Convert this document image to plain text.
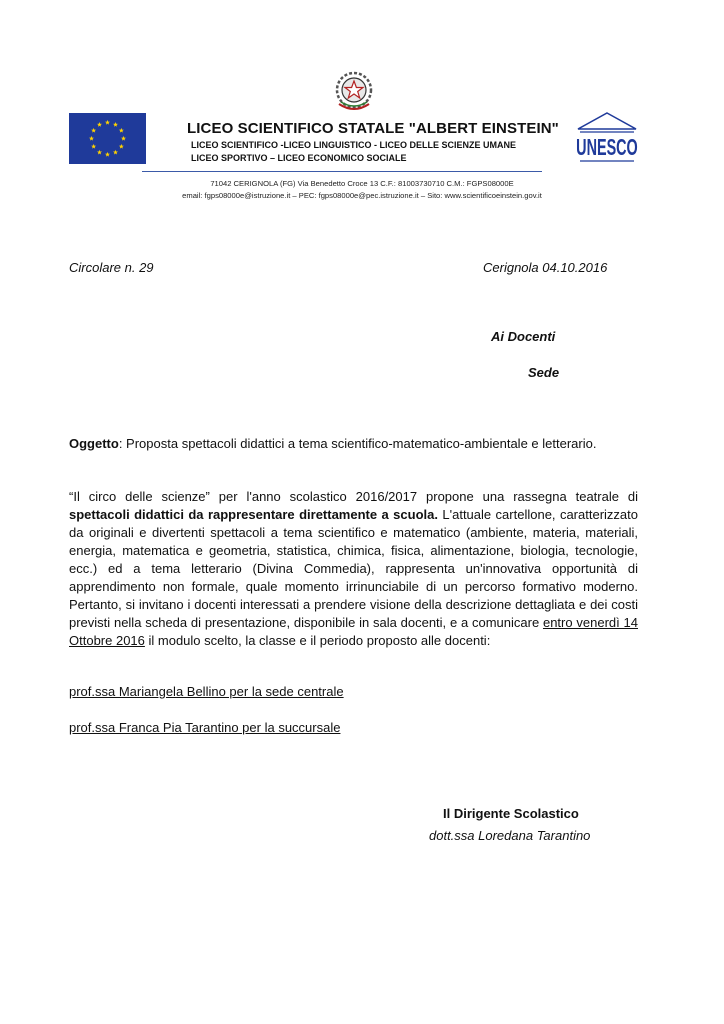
LICEO SCIENTIFICO STATALE "ALBERT EINSTEIN"
LICEO SCIENTIFICO -LICEO LINGUISTICO - LICEO DELLE SCIENZE UMANE
LICEO SPORTIVO – LICEO ECONOMICO SOCIALE	UNESCO
71042 CERIGNOLA (FG) Via Benedetto Croce 13 C.F.: 81003730710 C.M.: FGPS08000E
email: fgps08000e@istruzione.it – PEC: fgps08000e@pec.istruzione.it – Sito: www.scientificoeinstein.gov.it
Circolare n. 29	Cerignola 04.10.2016
Ai Docenti
Sede
Oggetto: Proposta spettacoli didattici a tema scientifico-matematico-ambientale e letterario.
“Il circo delle scienze” per l'anno scolastico 2016/2017 propone una rassegna teatrale di spettacoli didattici da rappresentare direttamente a scuola. L'attuale cartellone, caratterizzato da originali e divertenti spettacoli a tema scientifico e matematico (ambiente, materia, materiali, energia, matematica e geometria, statistica, chimica, fisica, alimentazione, biologia, tecnologie, ecc.) ed a tema letterario (Divina Commedia), rappresenta un'innovativa opportunità di apprendimento non formale, quale momento irrinunciabile di un percorso formativo moderno. Pertanto, si invitano i docenti interessati a prendere visione della descrizione dettagliata e dei costi previsti nella scheda di presentazione, disponibile in sala docenti, e a comunicare entro venerdì 14 Ottobre 2016 il modulo scelto, la classe e il periodo proposto alle docenti:
prof.ssa Mariangela Bellino per la sede centrale
prof.ssa Franca Pia Tarantino per la succursale
Il Dirigente Scolastico
dott.ssa Loredana Tarantino
